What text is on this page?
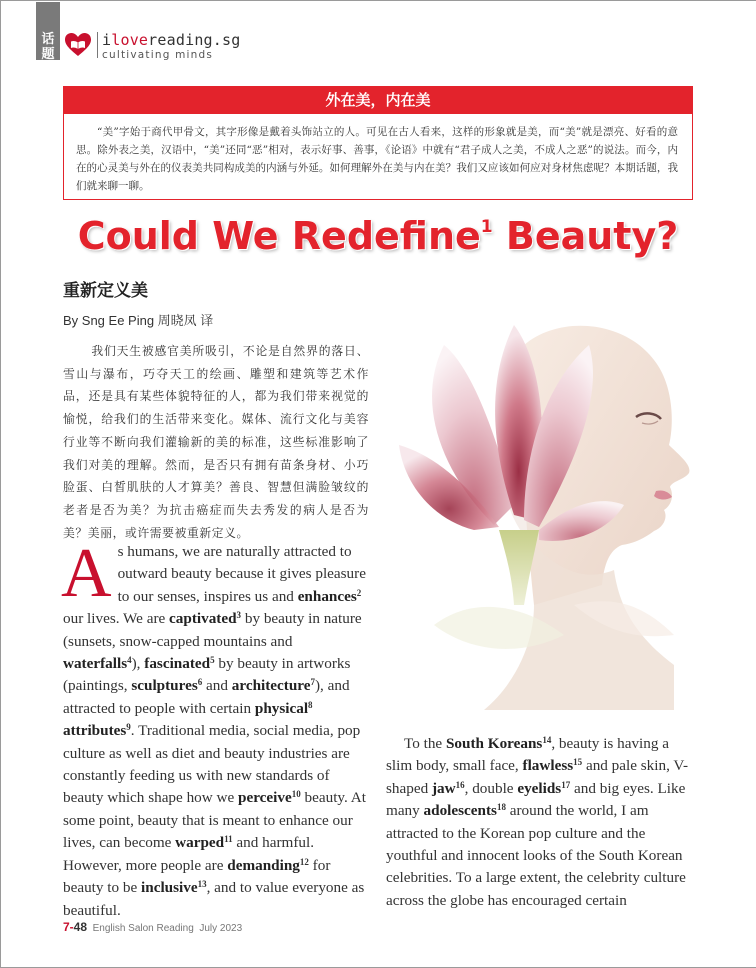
话
题
ilovereading.sg
cultivating minds
外在美，内在美
“美”字始于商代甲骨文，其字形像是戴着头饰站立的人。可见在古人看来，这样的形象就是美，而“美”就是漂亮、好看的意思。除外表之美，汉语中，“美”还同“恶”相对，表示好事、善事，《论语》中就有“君子成人之美，不成人之恶”的说法。而今，内在的心灵美与外在的仪表美共同构成美的内涵与外延。如何理解外在美与内在美？我们又应该如何应对身材焦虑呢？本期话题，我们就来聊一聊。
Could We Redefine$^1$ Beauty?
重新定义美
By Sng Ee Ping 周晓凤 译
我们天生被感官美所吸引，不论是自然界的落日、雪山与瀑布，巧夺天工的绘画、雕塑和建筑等艺术作品，还是具有某些体貌特征的人，都为我们带来视觉的愉悦，给我们的生活带来变化。媒体、流行文化与美容行业等不断向我们灌输新的美的标准，这些标准影响了我们对美的理解。然而，是否只有拥有苗条身材、小巧脸蛋、白皙肌肤的人才算美？善良、智慧但满脸皱纹的老者是否为美？为抗击癌症而失去秀发的病人是否为美？美丽，或许需要被重新定义。
As humans, we are naturally attracted to outward beauty because it gives pleasure to our senses, inspires us and enhances$^2$ our lives. We are captivated$^3$ by beauty in nature (sunsets, snow-capped mountains and waterfalls$^4$), fascinated$^5$ by beauty in artworks (paintings, sculptures$^6$ and architecture$^7$), and attracted to people with certain physical$^8$ attributes$^9$. Traditional media, social media, pop culture as well as diet and beauty industries are constantly feeding us with new standards of beauty which shape how we perceive$^{10}$ beauty. At some point, beauty that is meant to enhance our lives, can become warped$^{11}$ and harmful. However, more people are demanding$^{12}$ for beauty to be inclusive$^{13}$, and to value everyone as beautiful.
To the South Koreans$^{14}$, beauty is having a slim body, small face, flawless$^{15}$ and pale skin, V-shaped jaw$^{16}$, double eyelids$^{17}$ and big eyes. Like many adolescents$^{18}$ around the world, I am attracted to the Korean pop culture and the youthful and innocent looks of the South Korean celebrities. To a large extent, the celebrity culture across the globe has encouraged certain
7-48 English Salon Reading July 2023
